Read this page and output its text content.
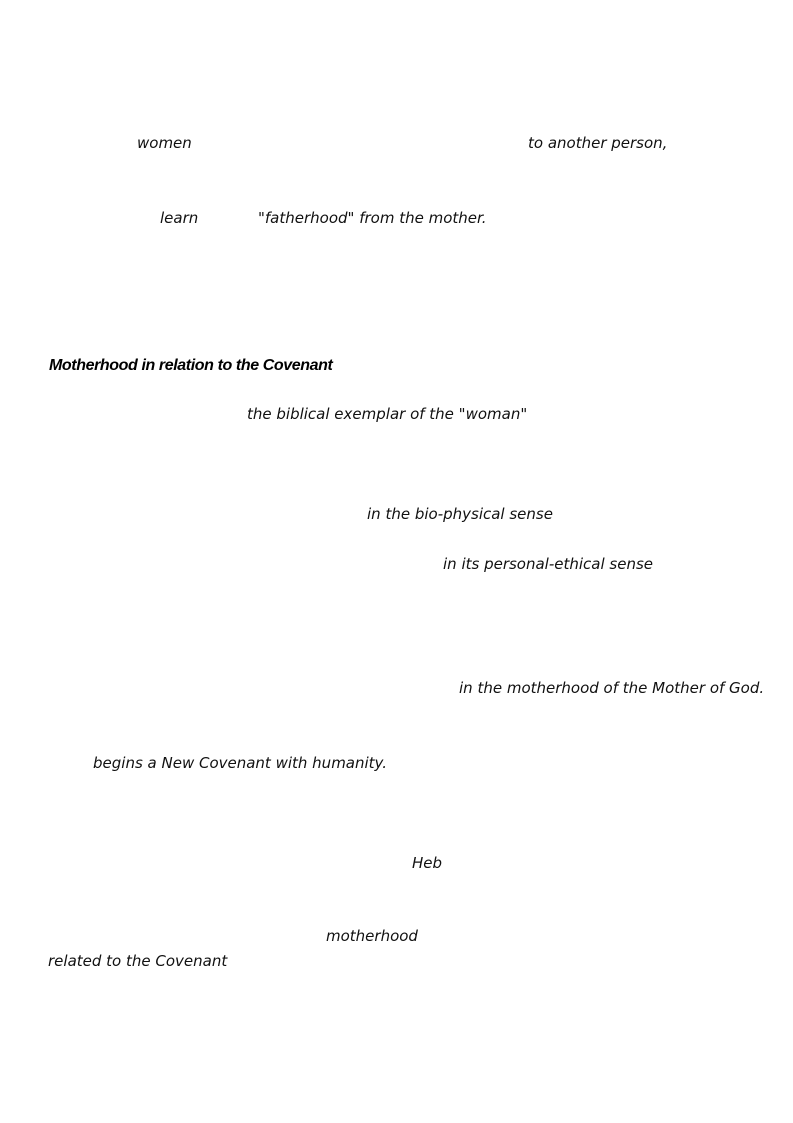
women	to another person,
learn	"fatherhood" from the mother.
Motherhood in relation to the Covenant
the biblical exemplar of the "woman"
in the bio-physical sense
in its personal-ethical sense
in the motherhood of the Mother of God.
begins a New Covenant with humanity.
Heb
motherhood
related to the Covenant
